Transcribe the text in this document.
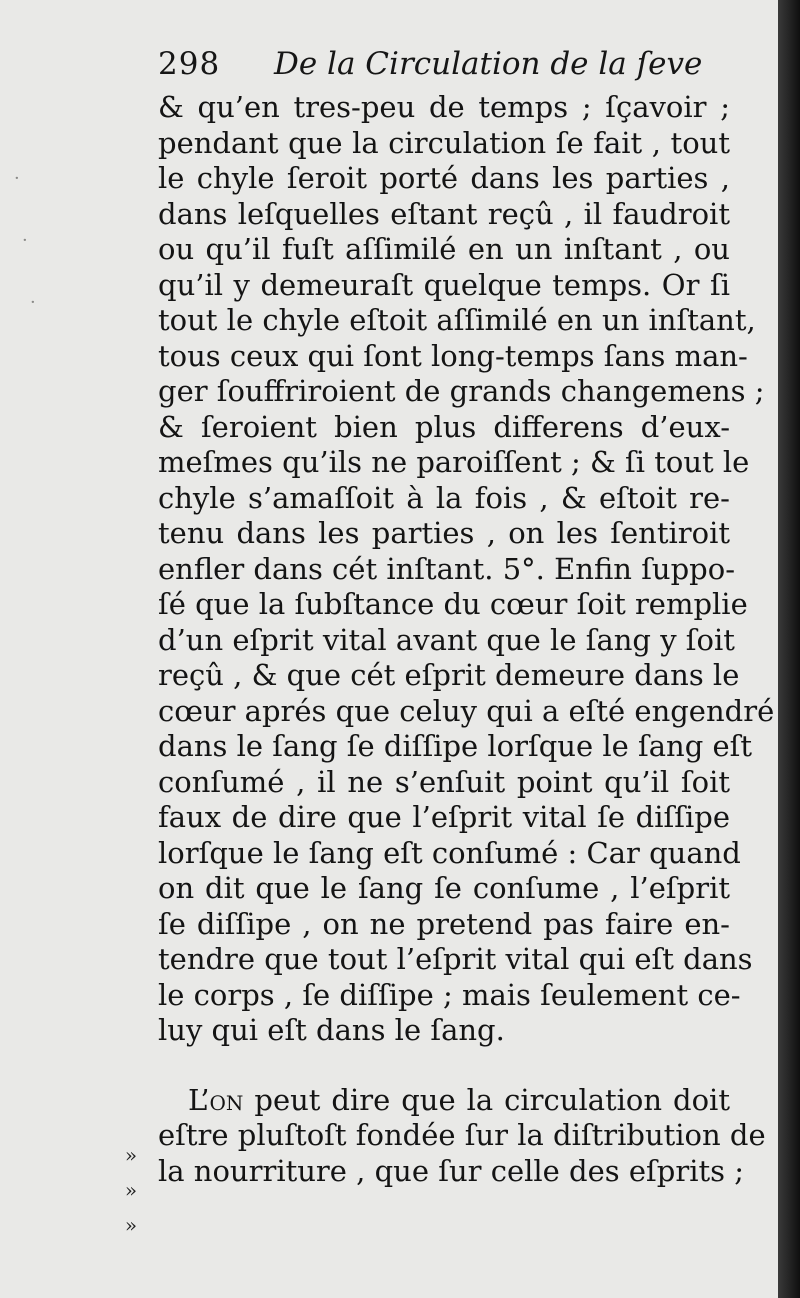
298 De la Circulation de la ſeve
& qu’en tres-peu de temps ; ſçavoir ;
pendant que la circulation ſe fait , tout
le chyle ſeroit porté dans les parties ,
dans leſquelles eſtant reçû , il faudroit
ou qu’il fuſt aſſimilé en un inſtant , ou
qu’il y demeuraſt quelque temps. Or ſi
tout le chyle eſtoit aſſimilé en un inſtant,
tous ceux qui ſont long-temps ſans man-
ger ſouffriroient de grands changemens ;
& ſeroient bien plus differens d’eux-
meſmes qu’ils ne paroiſſent ; & ſi tout le
chyle s’amaſſoit à la fois , & eſtoit re-
tenu dans les parties , on les ſentiroit
enfler dans cét inſtant. 5°. Enfin ſuppo-
ſé que la ſubſtance du cœur ſoit remplie
d’un eſprit vital avant que le ſang y ſoit
reçû , & que cét eſprit demeure dans le
cœur aprés que celuy qui a eſté engendré
dans le ſang ſe diſſipe lorſque le ſang eſt
conſumé , il ne s’enſuit point qu’il ſoit
faux de dire que l’eſprit vital ſe diſſipe
lorſque le ſang eſt conſumé : Car quand
on dit que le ſang ſe conſume , l’eſprit
ſe diſſipe , on ne pretend pas faire en-
tendre que tout l’eſprit vital qui eſt dans
le corps , ſe diſſipe ; mais ſeulement ce-
luy qui eſt dans le ſang.
L’on peut dire que la circulation doit
eſtre pluſtoſt fondée ſur la diſtribution de
la nourriture , que ſur celle des eſprits ;
»
»
»
·
·
·
